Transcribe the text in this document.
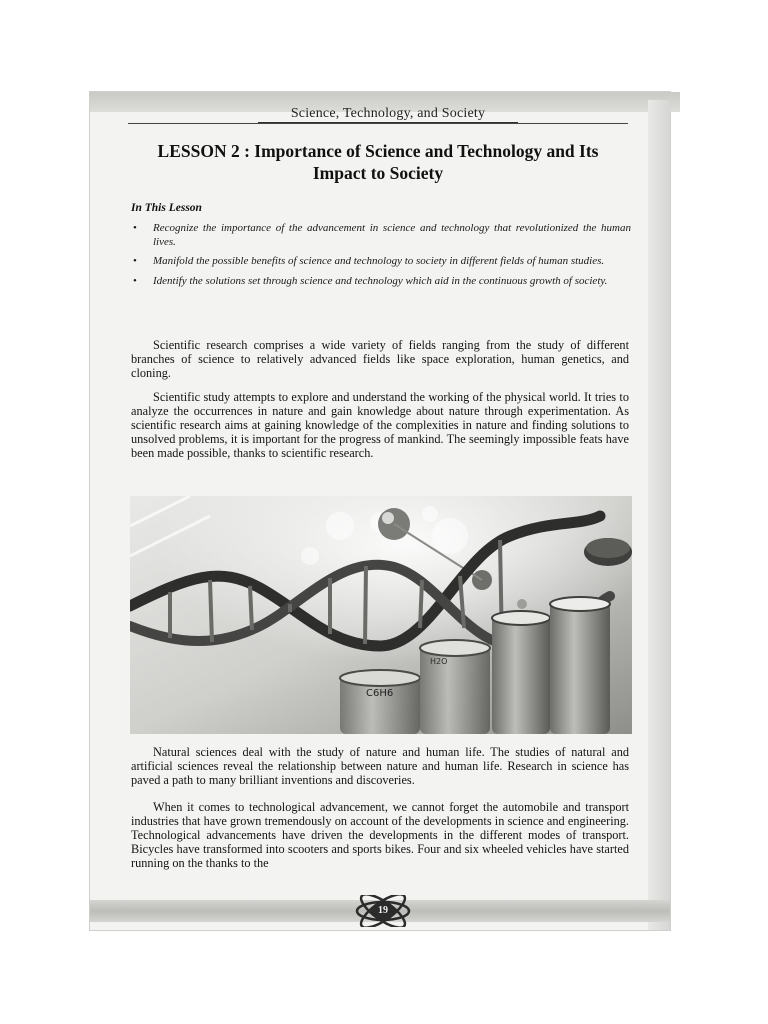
Science, Technology, and Society
LESSON 2 : Importance of Science and Technology and Its
Impact to Society
In This Lesson
• Recognize the importance of the advancement in science and technology that revolutionized the human lives.
• Manifold the possible benefits of science and technology to society in different fields of human studies.
• Identify the solutions set through science and technology which aid in the continuous growth of society.

Scientific research comprises a wide variety of fields ranging from the study of different branches of science to relatively advanced fields like space exploration, human genetics, and cloning.

Scientific study attempts to explore and understand the working of the physical world. It tries to analyze the occurrences in nature and gain knowledge about nature through experimentation. As scientific research aims at gaining knowledge of the complexities in nature and finding solutions to unsolved problems, it is important for the progress of mankind. The seemingly impossible feats have been made possible, thanks to scientific research.

C6H6
H2O

Natural sciences deal with the study of nature and human life. The studies of natural and artificial sciences reveal the relationship between nature and human life. Research in science has paved a path to many brilliant inventions and discoveries.

When it comes to technological advancement, we cannot forget the automobile and transport industries that have grown tremendously on account of the developments in science and engineering. Technological advancements have driven the developments in the different modes of transport. Bicycles have transformed into scooters and sports bikes. Four and six wheeled vehicles have started running on the thanks to the

19
